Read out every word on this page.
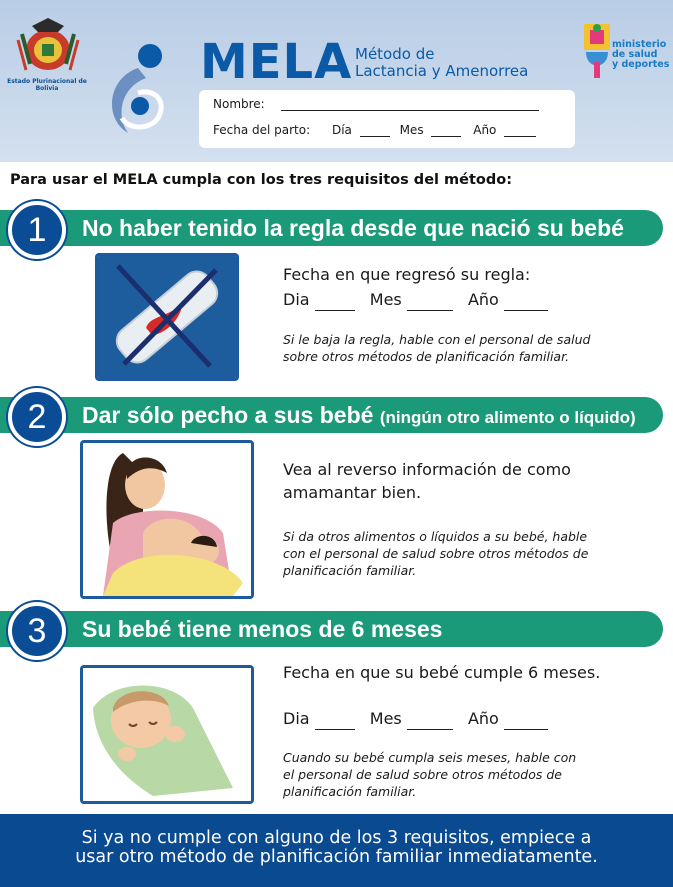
Estado Plurinacional de Bolivia	MELA Método de
Lactancia y Amenorrea
ministerio
de salud
y deportes
Nombre:
Fecha del parto: Día	Mes	Año
Para usar el MELA cumpla con los tres requisitos del método:
No haber tenido la regla desde que nació su bebé
1
Fecha en que regresó su regla:
Dia	Mes	Año
Si le baja la regla, hable con el personal de salud
sobre otros métodos de planificación familiar.
Dar sólo pecho a sus bebé (ningún otro alimento o líquido)
2
Vea al reverso información de como
amamantar bien.
Si da otros alimentos o líquidos a su bebé, hable
con el personal de salud sobre otros métodos de
planificación familiar.
Su bebé tiene menos de 6 meses
3
Fecha en que su bebé cumple 6 meses.
Dia	Mes	Año
Cuando su bebé cumpla seis meses, hable con
el personal de salud sobre otros métodos de
planificación familiar.
Si ya no cumple con alguno de los 3 requisitos, empiece a
usar otro método de planificación familiar inmediatamente.
